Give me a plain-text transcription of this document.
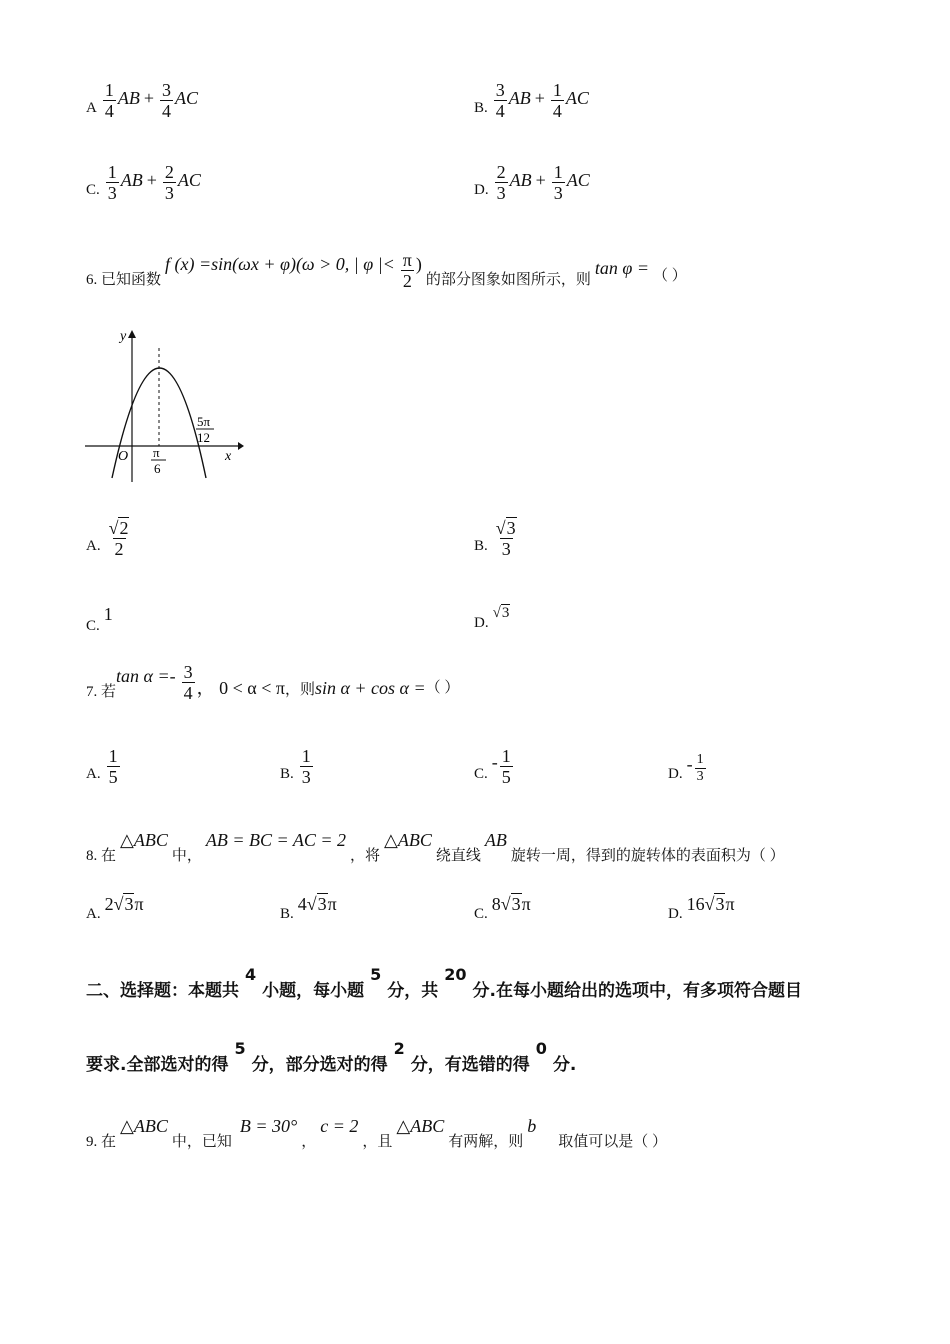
A $\frac{1}{4}$ AB + $\frac{3}{4}$ AC	B. $\frac{3}{4}$ AB + $\frac{1}{4}$ AC
C. $\frac{1}{3}$ AB + $\frac{2}{3}$ AC	D. $\frac{2}{3}$ AB + $\frac{1}{3}$ AC
6. 已知函数 f (x) =sin(ωx + φ)(ω > 0, | φ |< $\frac{\pi}{2}$ ) 的部分图象如图所示，则 tan φ = （ ）
y
x
O π
6
5π
12
A. $\frac{√2}{2}$	B. $\frac{√3}{3}$
C. 1	D. √3
7. 若$\tan \alpha =- \frac{3}{4}$ ， 0 < α < π，则sin α + cos α =（ ）
A. $\frac{1}{5}$	B. $\frac{1}{3}$	C. - $\frac{1}{5}$	D. - $\frac{1}{3}$
8. 在 △ABC 中， AB = BC = AC = 2 ，将 △ABC 绕直线 AB 旋转一周，得到的旋转体的表面积为（ ）
A. 2√3π	B. 4√3π	C. 8√3π	D. 16√3π
二、选择题：本题共4小题，每小题5分，共20分.在每小题给出的选项中，有多项符合题目
要求.全部选对的得5分，部分选对的得2分，有选错的得0分.
9. 在 △ABC 中，已知 B = 30° ， c = 2 ，且 △ABC 有两解，则 b 取值可以是（ ）
